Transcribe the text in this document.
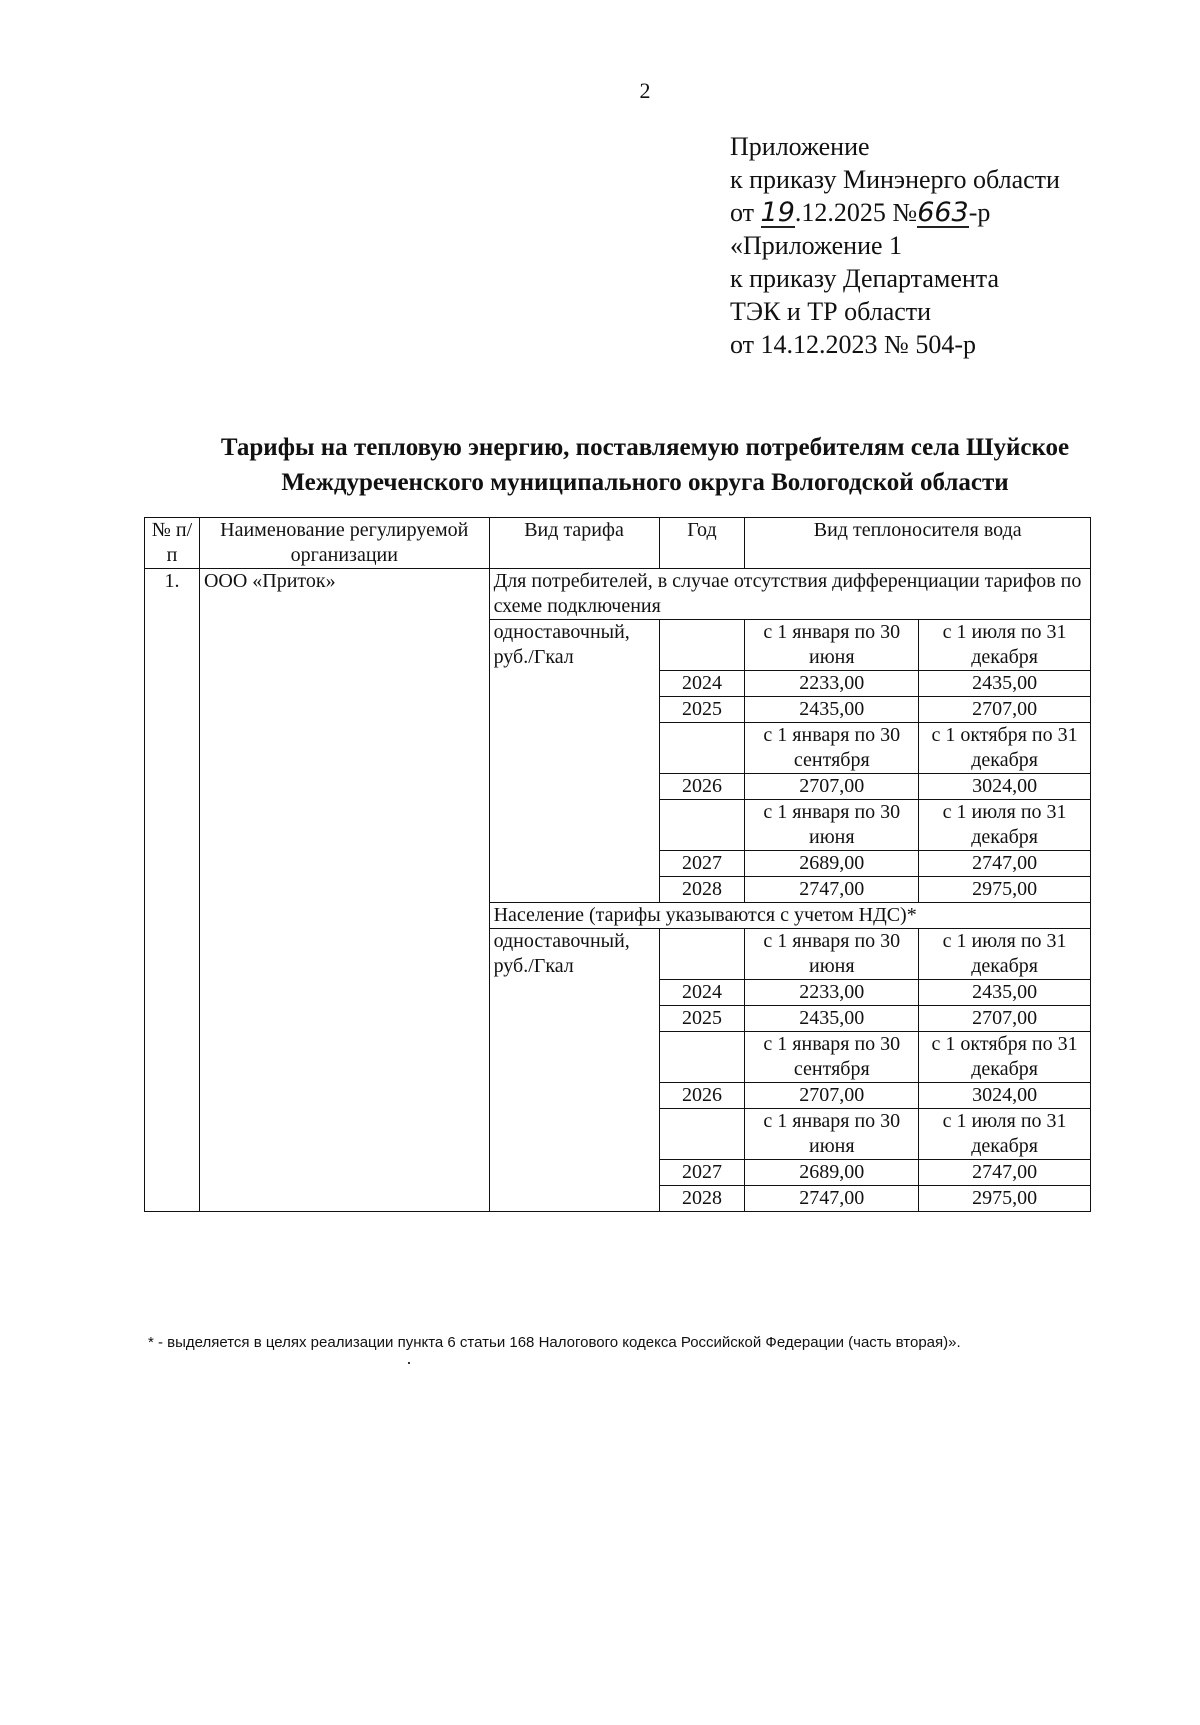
2
Приложение
к приказу Минэнерго области
от 19.12.2025 №663-р
«Приложение 1
к приказу Департамента
ТЭК и ТР области
от 14.12.2023 № 504-р
Тарифы на тепловую энергию, поставляемую потребителям села Шуйское
Междуреченского муниципального округа Вологодской области
№ п/п	Наименование регулируемой организации	Вид тарифа	Год	Вид теплоносителя вода	
1.	ООО «Приток»	Для потребителей, в случае отсутствия дифференциации тарифов по схеме подключения			
		одноставочный, руб./Гкал		с 1 января по 30 июня	с 1 июля по 31 декабря
			2024	2233,00	2435,00
			2025	2435,00	2707,00
				с 1 января по 30 сентября	с 1 октября по 31 декабря
			2026	2707,00	3024,00
				с 1 января по 30 июня	с 1 июля по 31 декабря
			2027	2689,00	2747,00
			2028	2747,00	2975,00
		Население (тарифы указываются с учетом НДС)*			
		одноставочный, руб./Гкал		с 1 января по 30 июня	с 1 июля по 31 декабря
			2024	2233,00	2435,00
			2025	2435,00	2707,00
				с 1 января по 30 сентября	с 1 октября по 31 декабря
			2026	2707,00	3024,00
				с 1 января по 30 июня	с 1 июля по 31 декабря
			2027	2689,00	2747,00
			2028	2747,00	2975,00
* - выделяется в целях реализации пункта 6 статьи 168 Налогового кодекса Российской Федерации (часть вторая)».
